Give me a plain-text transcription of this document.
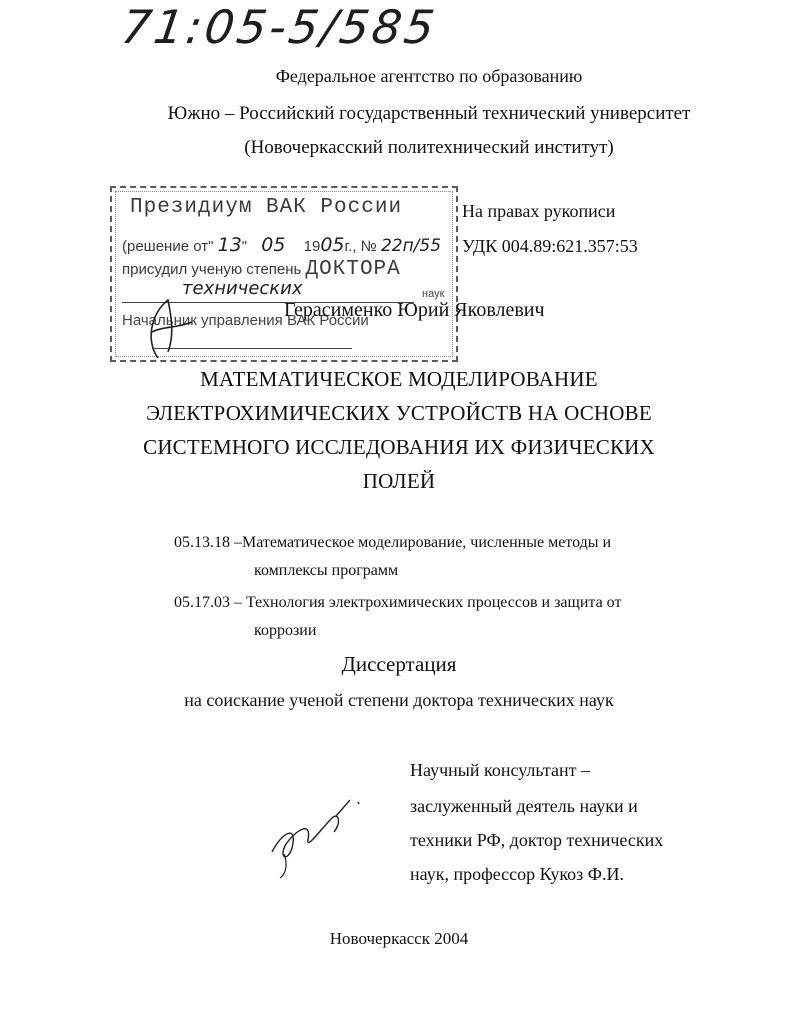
71:05-5/585
Федеральное агентство по образованию
Южно – Российский государственный технический университет
(Новочеркасский политехнический институт)
Президиум ВАК России
(решение от" 13" 05 1905г., № 22п/55
присудил ученую степень ДОКТОРА
технических	наук
Начальник управления ВАК России
На правах рукописи
УДК 004.89:621.357:53
Герасименко Юрий Яковлевич
МАТЕМАТИЧЕСКОЕ МОДЕЛИРОВАНИЕ
ЭЛЕКТРОХИМИЧЕСКИХ УСТРОЙСТВ НА ОСНОВЕ
СИСТЕМНОГО ИССЛЕДОВАНИЯ ИХ ФИЗИЧЕСКИХ
ПОЛЕЙ
05.13.18 –Математическое моделирование, численные методы и
комплексы программ
05.17.03 – Технология электрохимических процессов и защита от
коррозии
Диссертация
на соискание ученой степени доктора технических наук
Научный консультант –
заслуженный деятель науки и
техники РФ, доктор технических
наук, профессор Кукоз Ф.И.
Новочеркасск 2004
